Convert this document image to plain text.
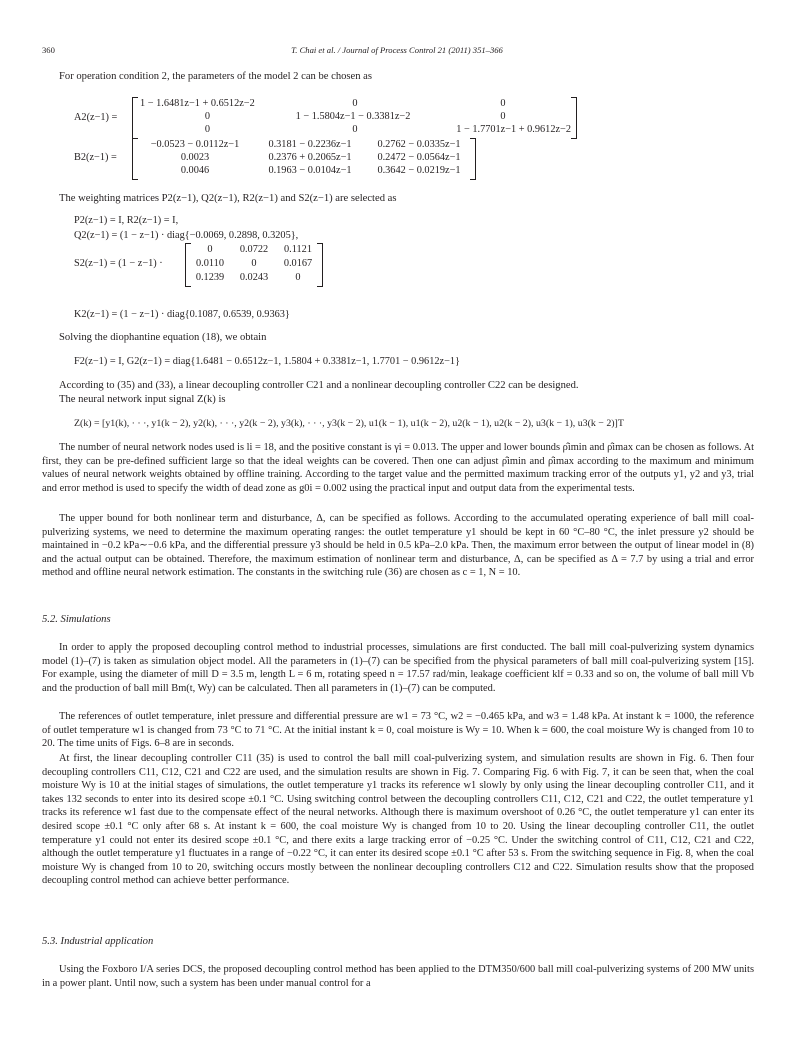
360	T. Chai et al. / Journal of Process Control 21 (2011) 351–366

For operation condition 2, the parameters of the model 2 can be chosen as

A2(z−1) =
1 − 1.6481z−1 + 0.6512z−2	0	0
0	1 − 1.5804z−1 − 0.3381z−2	0
0	0	1 − 1.7701z−1 + 0.9612z−2
B2(z−1) =
−0.0523 − 0.0112z−1	0.3181 − 0.2236z−1	0.2762 − 0.0335z−1
0.0023	0.2376 + 0.2065z−1	0.2472 − 0.0564z−1
0.0046	0.1963 − 0.0104z−1	0.3642 − 0.0219z−1

The weighting matrices P2(z−1), Q2(z−1), R2(z−1) and S2(z−1) are selected as

P2(z−1) = I, R2(z−1) = I,
Q2(z−1) = (1 − z−1) · diag{−0.0069, 0.2898, 0.3205},
S2(z−1) = (1 − z−1) ·
0	0.0722	0.1121
0.0110	0	0.0167
0.1239	0.0243	0
K2(z−1) = (1 − z−1) · diag{0.1087, 0.6539, 0.9363}

Solving the diophantine equation (18), we obtain

F2(z−1) = I, G2(z−1) = diag{1.6481 − 0.6512z−1, 1.5804 + 0.3381z−1, 1.7701 − 0.9612z−1}

According to (35) and (33), a linear decoupling controller C21 and a nonlinear decoupling controller C22 can be designed.

The neural network input signal Z(k) is

Z(k) = [y1(k), · · ·, y1(k − 2), y2(k), · · ·, y2(k − 2), y3(k), · · ·, y3(k − 2), u1(k − 1), u1(k − 2), u2(k − 1), u2(k − 2), u3(k − 1), u3(k − 2)]T

The number of neural network nodes used is li = 18, and the positive constant is γi = 0.013. The upper and lower bounds ρ̂imin and ρ̂imax can be chosen as follows. At first, they can be pre-defined sufficient large so that the ideal weights can be covered. Then one can adjust ρ̂imin and ρ̂imax according to the maximum and minimum values of neural network weights obtained by offline training. According to the target value and the permitted maximum tracking error of the outputs y1, y2 and y3, trial and error method is used to specify the width of dead zone as g0i = 0.002 using the practical input and output data from the experimental tests.

The upper bound for both nonlinear term and disturbance, Δ, can be specified as follows. According to the accumulated operating experience of ball mill coal-pulverizing systems, we need to determine the maximum operating ranges: the outlet temperature y1 should be kept in 60 °C–80 °C, the inlet pressure y2 should be maintained in −0.2 kPa∼−0.6 kPa, and the differential pressure y3 should be held in 0.5 kPa–2.0 kPa. Then, the maximum error between the output of linear model in (8) and the actual output can be obtained. Therefore, the maximum estimation of nonlinear term and disturbance, Δ, can be specified as Δ = 7.7 by using a trial and error method and offline neural network estimation. The constants in the switching rule (36) are chosen as c = 1, N = 10.

5.2. Simulations

In order to apply the proposed decoupling control method to industrial processes, simulations are first conducted. The ball mill coal-pulverizing system dynamics model (1)–(7) is taken as simulation object model. All the parameters in (1)–(7) can be specified from the physical parameters of ball mill coal-pulverizing system [15]. For example, using the diameter of mill D = 3.5 m, length L = 6 m, rotating speed n = 17.57 rad/min, leakage coefficient klf = 0.33 and so on, the volume of ball mill Vb and the production of ball mill Bm(t, Wy) can be calculated. Then all parameters in (1)–(7) can be computed.

The references of outlet temperature, inlet pressure and differential pressure are w1 = 73 °C, w2 = −0.465 kPa, and w3 = 1.48 kPa. At instant k = 1000, the reference of outlet temperature w1 is changed from 73 °C to 71 °C. At the initial instant k = 0, coal moisture is Wy = 10. When k = 600, the coal moisture Wy is changed from 10 to 20. The time units of Figs. 6–8 are in seconds.

At first, the linear decoupling controller C11 (35) is used to control the ball mill coal-pulverizing system, and simulation results are shown in Fig. 6. Then four decoupling controllers C11, C12, C21 and C22 are used, and the simulation results are shown in Fig. 7. Comparing Fig. 6 with Fig. 7, it can be seen that, when the coal moisture Wy is 10 at the initial stages of simulations, the outlet temperature y1 tracks its reference w1 slowly by only using the linear decoupling controller C11, and it takes 132 seconds to enter into its desired scope ±0.1 °C. Using switching control between the decoupling controllers C11, C12, C21 and C22, the outlet temperature y1 tracks its reference w1 fast due to the compensate effect of the neural networks. Although there is maximum overshoot of 0.26 °C, the outlet temperature y1 can enter its desired scope ±0.1 °C only after 68 s. At instant k = 600, the coal moisture Wy is changed from 10 to 20. Using the linear decoupling controller C11, the outlet temperature y1 could not enter its desired scope ±0.1 °C, and there exits a large tracking error of −0.25 °C. Under the switching control of C11, C12, C21 and C22, although the outlet temperature y1 fluctuates in a range of −0.22 °C, it can enter its desired scope ±0.1 °C after 53 s. From the switching sequence in Fig. 8, when the coal moisture Wy is changed from 10 to 20, switching occurs mostly between the nonlinear decoupling controllers C12 and C22. Simulation results show that the proposed decoupling control method can achieve better performance.

5.3. Industrial application

Using the Foxboro I/A series DCS, the proposed decoupling control method has been applied to the DTM350/600 ball mill coal-pulverizing systems of 200 MW units in a power plant. Until now, such a system has been under manual control for a
